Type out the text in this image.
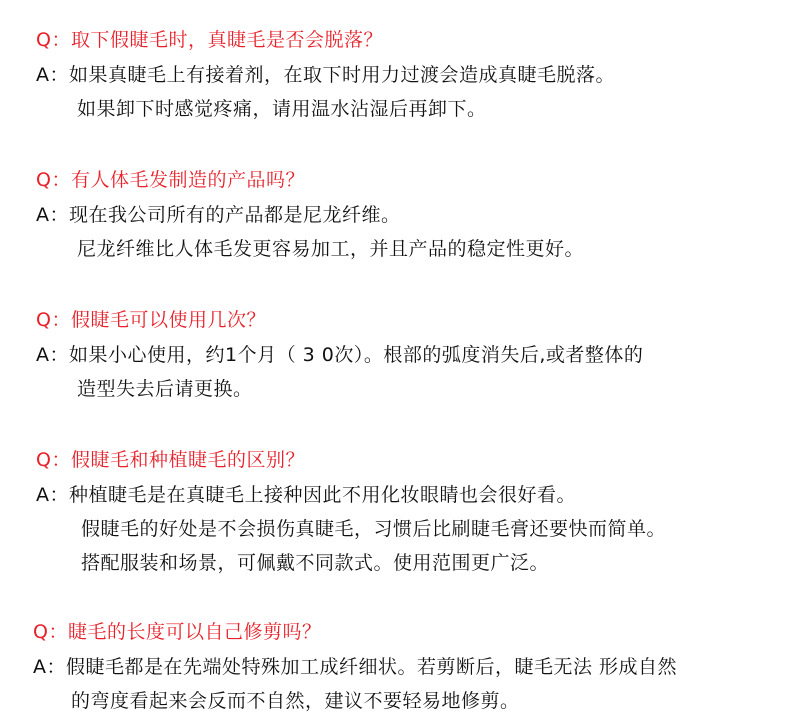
Q：取下假睫毛时，真睫毛是否会脱落？
A：如果真睫毛上有接着剂，在取下时用力过渡会造成真睫毛脱落。
如果卸下时感觉疼痛，请用温水沾湿后再卸下。
Q：有人体毛发制造的产品吗？
A：现在我公司所有的产品都是尼龙纤维。
尼龙纤维比人体毛发更容易加工，并且产品的稳定性更好。
Q：假睫毛可以使用几次？
A：如果小心使用，约1个月（ 3 0次）。根部的弧度消失后,或者整体的
造型失去后请更换。
Q：假睫毛和种植睫毛的区别？
A：种植睫毛是在真睫毛上接种因此不用化妆眼睛也会很好看。
假睫毛的好处是不会损伤真睫毛，习惯后比刷睫毛膏还要快而简单。
搭配服装和场景，可佩戴不同款式。使用范围更广泛。
Q：睫毛的长度可以自己修剪吗？
A：假睫毛都是在先端处特殊加工成纤细状。若剪断后，睫毛无法 形成自然
的弯度看起来会反而不自然，建议不要轻易地修剪。
